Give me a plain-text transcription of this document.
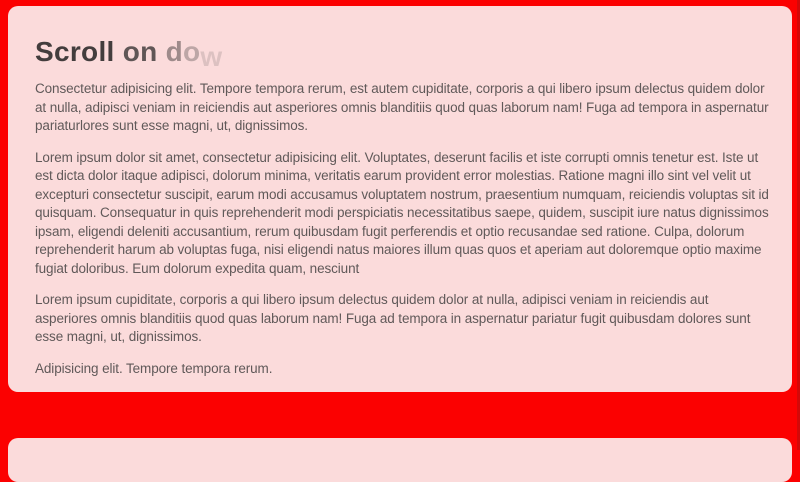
Scroll on dow

Consectetur adipisicing elit. Tempore tempora rerum, est autem cupiditate, corporis a qui libero ipsum delectus quidem dolor at nulla, adipisci veniam in reiciendis aut asperiores omnis blanditiis quod quas laborum nam! Fuga ad tempora in aspernatur pariaturlores sunt esse magni, ut, dignissimos.

Lorem ipsum dolor sit amet, consectetur adipisicing elit. Voluptates, deserunt facilis et iste corrupti omnis tenetur est. Iste ut est dicta dolor itaque adipisci, dolorum minima, veritatis earum provident error molestias. Ratione magni illo sint vel velit ut excepturi consectetur suscipit, earum modi accusamus voluptatem nostrum, praesentium numquam, reiciendis voluptas sit id quisquam. Consequatur in quis reprehenderit modi perspiciatis necessitatibus saepe, quidem, suscipit iure natus dignissimos ipsam, eligendi deleniti accusantium, rerum quibusdam fugit perferendis et optio recusandae sed ratione. Culpa, dolorum reprehenderit harum ab voluptas fuga, nisi eligendi natus maiores illum quas quos et aperiam aut doloremque optio maxime fugiat doloribus. Eum dolorum expedita quam, nesciunt

Lorem ipsum cupiditate, corporis a qui libero ipsum delectus quidem dolor at nulla, adipisci veniam in reiciendis aut asperiores omnis blanditiis quod quas laborum nam! Fuga ad tempora in aspernatur pariatur fugit quibusdam dolores sunt esse magni, ut, dignissimos.

Adipisicing elit. Tempore tempora rerum.
